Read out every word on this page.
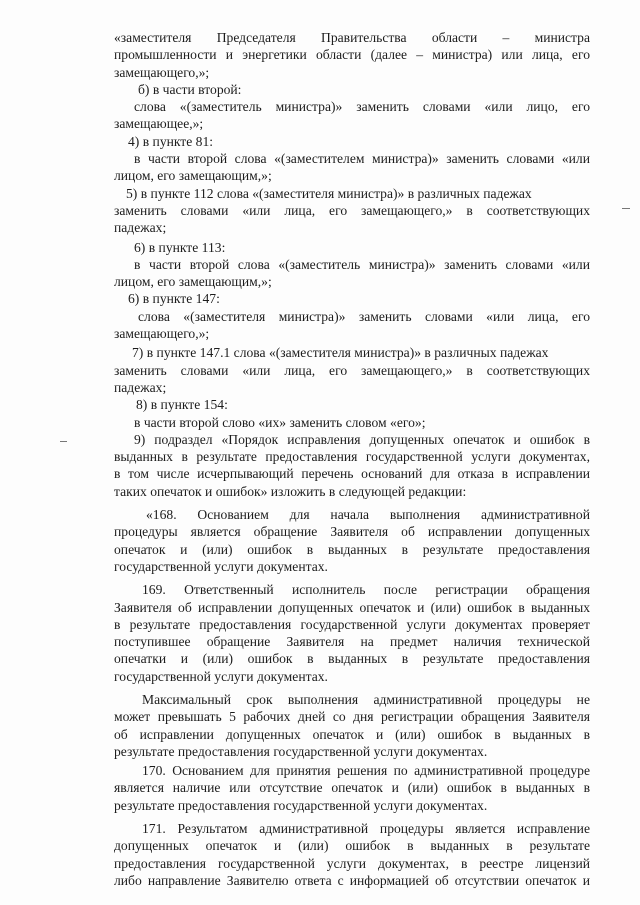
«заместителя Председателя Правительства области – министра
промышленности и энергетики области (далее – министра) или лица, его
замещающего,»;
б) в части второй:
слова «(заместитель министра)» заменить словами «или лицо, его
замещающее,»;
4) в пункте 81:
в части второй слова «(заместителем министра)» заменить словами «или
лицом, его замещающим,»;
5) в пункте 112 слова «(заместителя министра)» в различных падежах
заменить словами «или лица, его замещающего,» в соответствующих
падежах;
6) в пункте 113:
в части второй слова «(заместитель министра)» заменить словами «или
лицом, его замещающим,»;
6) в пункте 147:
слова «(заместителя министра)» заменить словами «или лица, его
замещающего,»;
7) в пункте 147.1 слова «(заместителя министра)» в различных падежах
заменить словами «или лица, его замещающего,» в соответствующих
падежах;
8) в пункте 154:
в части второй слово «их» заменить словом «его»;
9) подраздел «Порядок исправления допущенных опечаток и ошибок в
выданных в результате предоставления государственной услуги документах,
в том числе исчерпывающий перечень оснований для отказа в исправлении
таких опечаток и ошибок» изложить в следующей редакции:
«168. Основанием для начала выполнения административной
процедуры является обращение Заявителя об исправлении допущенных
опечаток и (или) ошибок в выданных в результате предоставления
государственной услуги документах.
169. Ответственный исполнитель после регистрации обращения
Заявителя об исправлении допущенных опечаток и (или) ошибок в выданных
в результате предоставления государственной услуги документах проверяет
поступившее обращение Заявителя на предмет наличия технической
опечатки и (или) ошибок в выданных в результате предоставления
государственной услуги документах.
Максимальный срок выполнения административной процедуры не
может превышать 5 рабочих дней со дня регистрации обращения Заявителя
об исправлении допущенных опечаток и (или) ошибок в выданных в
результате предоставления государственной услуги документах.
170. Основанием для принятия решения по административной процедуре
является наличие или отсутствие опечаток и (или) ошибок в выданных в
результате предоставления государственной услуги документах.
171. Результатом административной процедуры является исправление
допущенных опечаток и (или) ошибок в выданных в результате
предоставления государственной услуги документах, в реестре лицензий
либо направление Заявителю ответа с информацией об отсутствии опечаток и
